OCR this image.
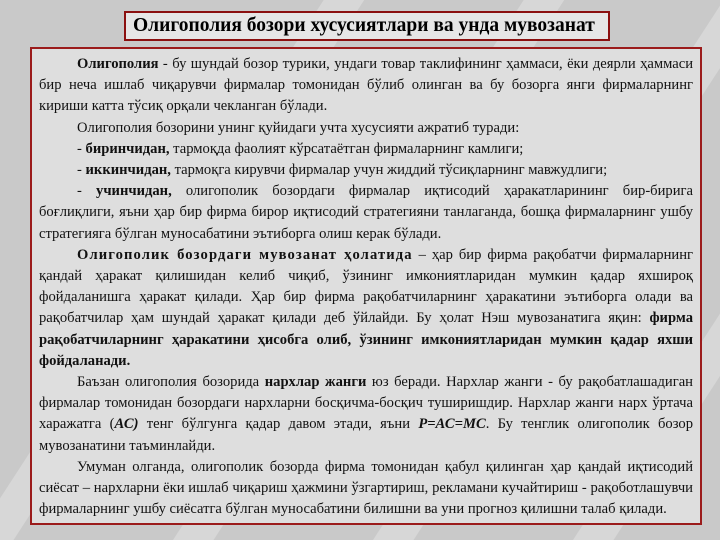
Олигополия бозори хусусиятлари ва унда мувозанат

Олигополия - бу шундай бозор турики, ундаги товар таклифининг ҳаммаси, ёки деярли ҳаммаси бир неча ишлаб чиқарувчи фирмалар томонидан бўлиб олинган ва бу бозорга янги фирмаларнинг кириши катта тўсиқ орқали чекланган бўлади.

Олигополия бозорини унинг қуйидаги учта хусусияти ажратиб туради:

- биринчидан, тармоқда фаолият кўрсатаётган фирмаларнинг камлиги;

- иккинчидан, тармоқга кирувчи фирмалар учун жиддий тўсиқларнинг мавжудлиги;

- учинчидан, олигополик бозордаги фирмалар иқтисодий ҳаракатларининг бир-бирига боғлиқлиги, яъни ҳар бир фирма бирор иқтисодий стратегияни танлаганда, бошқа фирмаларнинг ушбу стратегияга бўлган муносабатини эътиборга олиш керак бўлади.

Олигополик бозордаги мувозанат ҳолатида – ҳар бир фирма рақобатчи фирмаларнинг қандай ҳаракат қилишидан келиб чиқиб, ўзининг имкониятларидан мумкин қадар яхшироқ фойдаланишга ҳаракат қилади. Ҳар бир фирма рақобатчиларнинг ҳаракатини эътиборга олади ва рақобатчилар ҳам шундай ҳаракат қилади деб ўйлайди. Бу ҳолат Нэш мувозанатига яқин: фирма рақобатчиларнинг ҳаракатини ҳисобга олиб, ўзининг имкониятларидан мумкин қадар яхши фойдаланади.

Баъзан олигополия бозорида нархлар жанги юз беради. Нархлар жанги - бу рақобатлашадиган фирмалар томонидан бозордаги нархларни босқичма-босқич туширишдир. Нархлар жанги нарх ўртача харажатга (АС) тенг бўлгунга қадар давом этади, яъни Р=АС=МС. Бу тенглик олигополик бозор мувозанатини таъминлайди.

Умуман олганда, олигополик бозорда фирма томонидан қабул қилинган ҳар қандай иқтисодий сиёсат – нархларни ёки ишлаб чиқариш ҳажмини ўзгартириш, рекламани кучайтириш - рақоботлашувчи фирмаларнинг ушбу сиёсатга бўлган муносабатини билишни ва уни прогноз қилишни талаб қилади.
